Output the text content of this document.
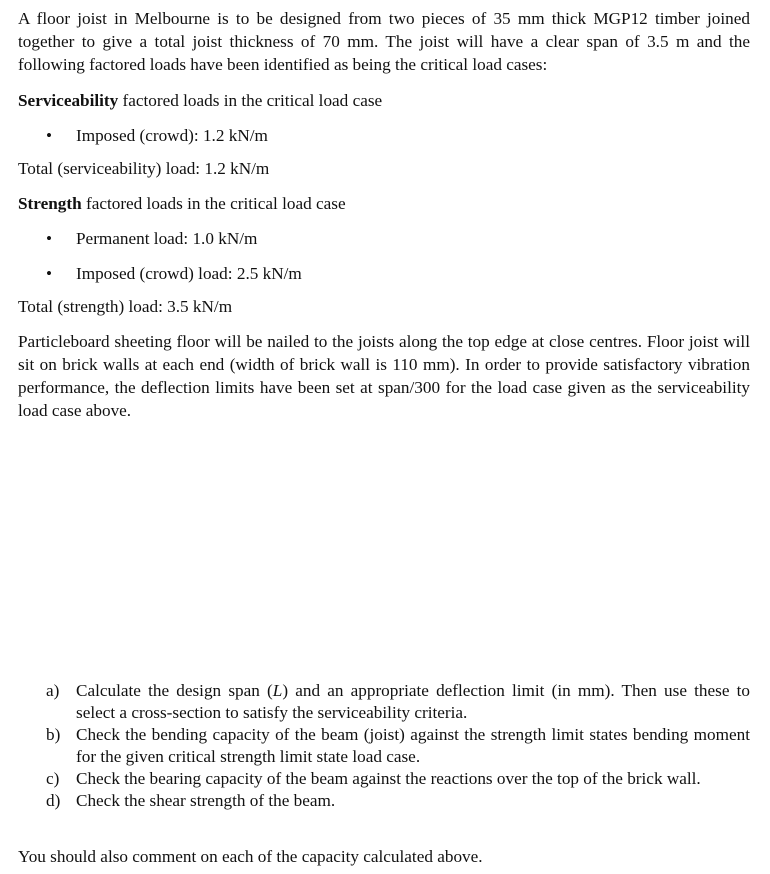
A floor joist in Melbourne is to be designed from two pieces of 35 mm thick MGP12 timber joined together to give a total joist thickness of 70 mm. The joist will have a clear span of 3.5 m and the following factored loads have been identified as being the critical load cases:

Serviceability factored loads in the critical load case

• Imposed (crowd): 1.2 kN/m

Total (serviceability) load: 1.2 kN/m

Strength factored loads in the critical load case

• Permanent load: 1.0 kN/m
• Imposed (crowd) load: 2.5 kN/m

Total (strength) load: 3.5 kN/m

Particleboard sheeting floor will be nailed to the joists along the top edge at close centres. Floor joist will sit on brick walls at each end (width of brick wall is 110 mm). In order to provide satisfactory vibration performance, the deflection limits have been set at span/300 for the load case given as the serviceability load case above.

a) Calculate the design span (L) and an appropriate deflection limit (in mm). Then use these to select a cross-section to satisfy the serviceability criteria.
b) Check the bending capacity of the beam (joist) against the strength limit states bending moment for the given critical strength limit state load case.
c) Check the bearing capacity of the beam against the reactions over the top of the brick wall.
d) Check the shear strength of the beam.

You should also comment on each of the capacity calculated above.
